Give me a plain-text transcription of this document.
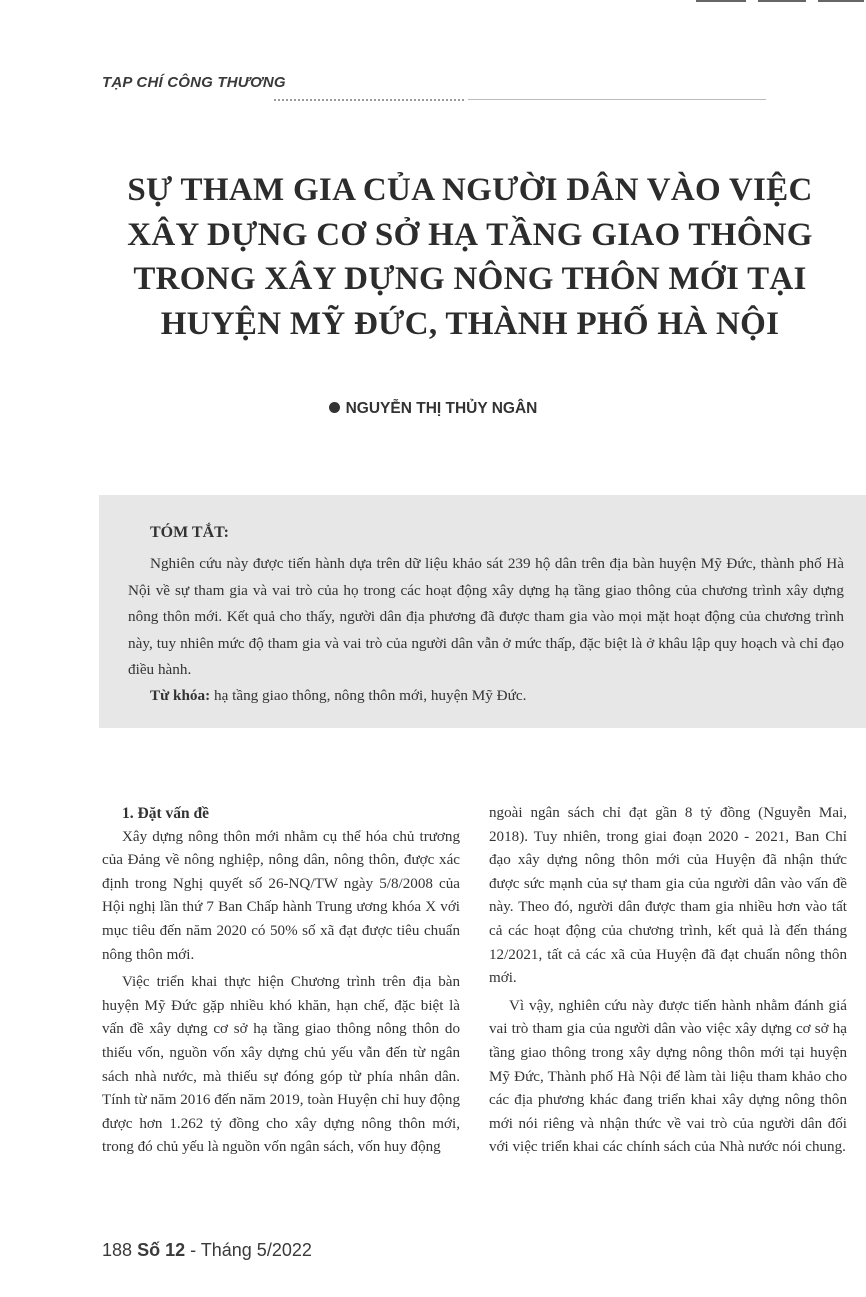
TẠP CHÍ CÔNG THƯƠNG
SỰ THAM GIA CỦA NGƯỜI DÂN VÀO VIỆC
XÂY DỰNG CƠ SỞ HẠ TẦNG GIAO THÔNG
TRONG XÂY DỰNG NÔNG THÔN MỚI TẠI
HUYỆN MỸ ĐỨC, THÀNH PHỐ HÀ NỘI
NGUYỄN THỊ THỦY NGÂN
TÓM TẮT:

Nghiên cứu này được tiến hành dựa trên dữ liệu khảo sát 239 hộ dân trên địa bàn huyện Mỹ Đức, thành phố Hà Nội về sự tham gia và vai trò của họ trong các hoạt động xây dựng hạ tầng giao thông của chương trình xây dựng nông thôn mới. Kết quả cho thấy, người dân địa phương đã được tham gia vào mọi mặt hoạt động của chương trình này, tuy nhiên mức độ tham gia và vai trò của người dân vẫn ở mức thấp, đặc biệt là ở khâu lập quy hoạch và chỉ đạo điều hành.

Từ khóa: hạ tầng giao thông, nông thôn mới, huyện Mỹ Đức.

1. Đặt vấn đề

Xây dựng nông thôn mới nhằm cụ thể hóa chủ trương của Đảng về nông nghiệp, nông dân, nông thôn, được xác định trong Nghị quyết số 26-NQ/TW ngày 5/8/2008 của Hội nghị lần thứ 7 Ban Chấp hành Trung ương khóa X với mục tiêu đến năm 2020 có 50% số xã đạt được tiêu chuẩn nông thôn mới.

Việc triển khai thực hiện Chương trình trên địa bàn huyện Mỹ Đức gặp nhiều khó khăn, hạn chế, đặc biệt là vấn đề xây dựng cơ sở hạ tầng giao thông nông thôn do thiếu vốn, nguồn vốn xây dựng chủ yếu vẫn đến từ ngân sách nhà nước, mà thiếu sự đóng góp từ phía nhân dân. Tính từ năm 2016 đến năm 2019, toàn Huyện chỉ huy động được hơn 1.262 tỷ đồng cho xây dựng nông thôn mới, trong đó chủ yếu là nguồn vốn ngân sách, vốn huy động

ngoài ngân sách chỉ đạt gần 8 tỷ đồng (Nguyễn Mai, 2018). Tuy nhiên, trong giai đoạn 2020 - 2021, Ban Chỉ đạo xây dựng nông thôn mới của Huyện đã nhận thức được sức mạnh của sự tham gia của người dân vào vấn đề này. Theo đó, người dân được tham gia nhiều hơn vào tất cả các hoạt động của chương trình, kết quả là đến tháng 12/2021, tất cả các xã của Huyện đã đạt chuẩn nông thôn mới.

Vì vậy, nghiên cứu này được tiến hành nhằm đánh giá vai trò tham gia của người dân vào việc xây dựng cơ sở hạ tầng giao thông trong xây dựng nông thôn mới tại huyện Mỹ Đức, Thành phố Hà Nội để làm tài liệu tham khảo cho các địa phương khác đang triển khai xây dựng nông thôn mới nói riêng và nhận thức về vai trò của người dân đối với việc triển khai các chính sách của Nhà nước nói chung.

188 Số 12 - Tháng 5/2022
